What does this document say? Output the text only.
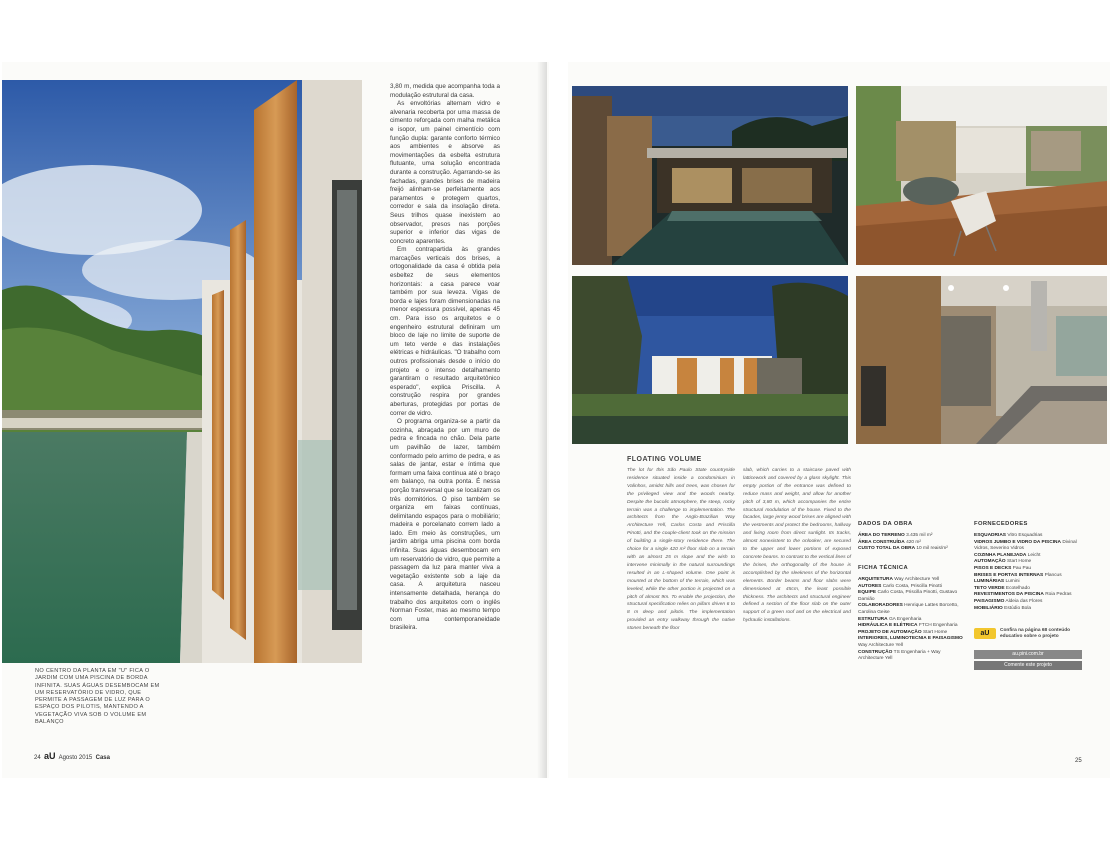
3,80 m, medida que acompanha toda a modulação estrutural da casa.

As envoltórias alternam vidro e alvenaria recoberta por uma massa de cimento reforçada com malha metálica e isopor, um painel cimentício com função dupla: garante conforto térmico aos ambientes e absorve as movimentações da esbelta estrutura flutuante, uma solução encontrada durante a construção. Agarrando-se às fachadas, grandes brises de madeira freijó alinham-se perfeitamente aos paramentos e protegem quartos, corredor e sala da insolação direta. Seus trilhos quase inexistem ao observador, presos nas porções superior e inferior das vigas de concreto aparentes.

Em contrapartida às grandes marcações verticais dos brises, a ortogonalidade da casa é obtida pela esbeltez de seus elementos horizontais: a casa parece voar também por sua leveza. Vigas de borda e lajes foram dimensionadas na menor espessura possível, apenas 45 cm. Para isso os arquitetos e o engenheiro estrutural definiram um bloco de laje no limite de suporte de um teto verde e das instalações elétricas e hidráulicas. "O trabalho com outros profissionais desde o início do projeto e o intenso detalhamento garantiram o resultado arquitetônico esperado", explica Priscilla. A construção respira por grandes aberturas, protegidas por portas de correr de vidro.

O programa organiza-se a partir da cozinha, abraçada por um muro de pedra e fincada no chão. Dela parte um pavilhão de lazer, também conformado pelo arrimo de pedra, e as salas de jantar, estar e íntima que formam uma faixa contínua até o braço em balanço, na outra ponta. É nessa porção transversal que se localizam os três dormitórios. O piso também se organiza em faixas contínuas, delimitando espaços para o mobiliário; madeira e porcelanato correm lado a lado. Em meio às construções, um jardim abriga uma piscina com borda infinita. Suas águas desembocam em um reservatório de vidro, que permite a passagem da luz para manter viva a vegetação existente sob a laje da casa. A arquitetura nasceu intensamente detalhada, herança do trabalho dos arquitetos com o inglês Norman Foster, mas ao mesmo tempo com uma contemporaneidade brasileira.

NO CENTRO DA PLANTA EM "U" FICA O JARDIM COM UMA PISCINA DE BORDA INFINITA. SUAS ÁGUAS DESEMBOCAM EM UM RESERVATÓRIO DE VIDRO, QUE PERMITE A PASSAGEM DE LUZ PARA O ESPAÇO DOS PILOTIS, MANTENDO A VEGETAÇÃO VIVA SOB O VOLUME EM BALANÇO
24 aU Agosto 2015 Casa
FLOATING VOLUME
The lot for this São Paulo State countryside residence situated inside a condominium in Valinhos, amidst hills and trees, was chosen for the privileged view and the woods nearby. Despite the bucolic atmosphere, the steep, rocky terrain was a challenge to implementation. The architects from the Anglo-Brazilian Way Architecture Yell, Carlos Costa and Priscilla Pinotti, and the couple-client took on the mission of building a single-story residence there. The choice for a single 420 m² floor slab on a terrain with an almost 25 m slope and the wish to intervene minimally in the natural surroundings resulted in an L-shaped volume. One point is mounted at the bottom of the terrain, which was leveled, while the other portion is projected on a pitch of almost 9m. To enable the projection, the structural specification relies on pillars driven 6 to 8 m deep and pilotis. The implementation provided an entry walkway through the native stones beneath the floor
slab, which carries to a staircase paved with latticework and covered by a glass skylight. This empty portion of the entrance was defined to reduce mass and weight, and allow for another pitch of 3,80 m, which accompanies the entire structural modulation of the house. Fixed to the facades, large jenny wood brises are aligned with the vestments and protect the bedrooms, hallway and living room from direct sunlight. Its tracks, almost nonexistent to the onlooker, are secured to the upper and lower portions of exposed concrete beams. In contrast to the vertical lines of the brises, the orthogonality of the house is accomplished by the sleekness of the horizontal elements. Border beams and floor slabs were dimensioned at 45cm, the least possible thickness. The architects and structural engineer defined a section of the floor slab on the outer support of a green roof and on the electrical and hydraulic installations.
DADOS DA OBRA
ÁREA DO TERRENO 3.435 mil m²
ÁREA CONSTRUÍDA 420 m²
CUSTO TOTAL DA OBRA 10 mil reais/m²
FICHA TÉCNICA
ARQUITETURA Way Architecture Yell
AUTORES Carlo Costa, Priscilla Pinotti
EQUIPE Carlo Costa, Priscilla Pinotti, Gustavo Damião
COLABORADORES Henrique Lattes Borcetto, Carolina Geise
ESTRUTURA GA Engenharia
HIDRÁULICA E ELÉTRICA FTCH Engenharia
PROJETO DE AUTOMAÇÃO Start Home
INTERIORES, LUMINOTECNIA E PAISAGISMO Way Architecture Yell
CONSTRUÇÃO TS Engenharia + Way Architecture Yell
FORNECEDORES
ESQUADRIAS Vitro Esquadrias
VIDROS JUMBO E VIDRO DA PISCINA Divinal Vidros, Severino Vidros
COZINHA PLANEJADA Leicht
AUTOMAÇÃO Start Home
PISOS E DECKS Pau Pau
BRISES E PORTAS INTERNAS Plancus
LUMINÁRIAS Lumini
TETO VERDE Ecotelhado
REVESTIMENTOS DA PISCINA Roia Pedras
PAISAGISMO Aldeia das Flores
MOBILIÁRIO Estúdio Bola
aU	Confira na página 68 conteúdo educativo sobre o projeto
au.pini.com.br
Comente este projeto
25
